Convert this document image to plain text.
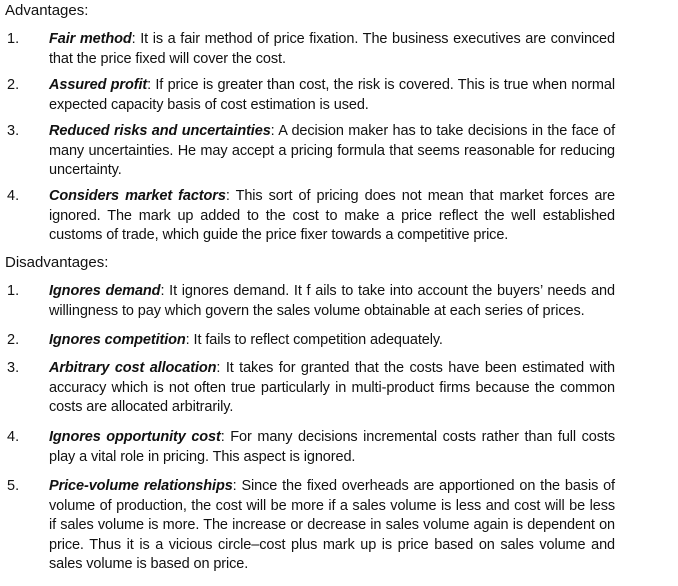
Advantages:
1. Fair method: It is a fair method of price fixation. The business executives are convinced that the price fixed will cover the cost.
2. Assured profit: If price is greater than cost, the risk is covered. This is true when normal expected capacity basis of cost estimation is used.
3. Reduced risks and uncertainties: A decision maker has to take decisions in the face of many uncertainties. He may accept a pricing formula that seems reasonable for reducing uncertainty.
4. Considers market factors: This sort of pricing does not mean that market forces are ignored. The mark up added to the cost to make a price reflect the well established customs of trade, which guide the price fixer towards a competitive price.
Disadvantages:
1. Ignores demand: It ignores demand. It f ails to take into account the buyers’ needs and willingness to pay which govern the sales volume obtainable at each series of prices.
2. Ignores competition: It fails to reflect competition adequately.
3. Arbitrary cost allocation: It takes for granted that the costs have been estimated with accuracy which is not often true particularly in multi-product firms because the common costs are allocated arbitrarily.
4. Ignores opportunity cost: For many decisions incremental costs rather than full costs play a vital role in pricing. This aspect is ignored.
5. Price-volume relationships: Since the fixed overheads are apportioned on the basis of volume of production, the cost will be more if a sales volume is less and cost will be less if sales volume is more. The increase or decrease in sales volume again is dependent on price. Thus it is a vicious circle–cost plus mark up is price based on sales volume and sales volume is based on price.
